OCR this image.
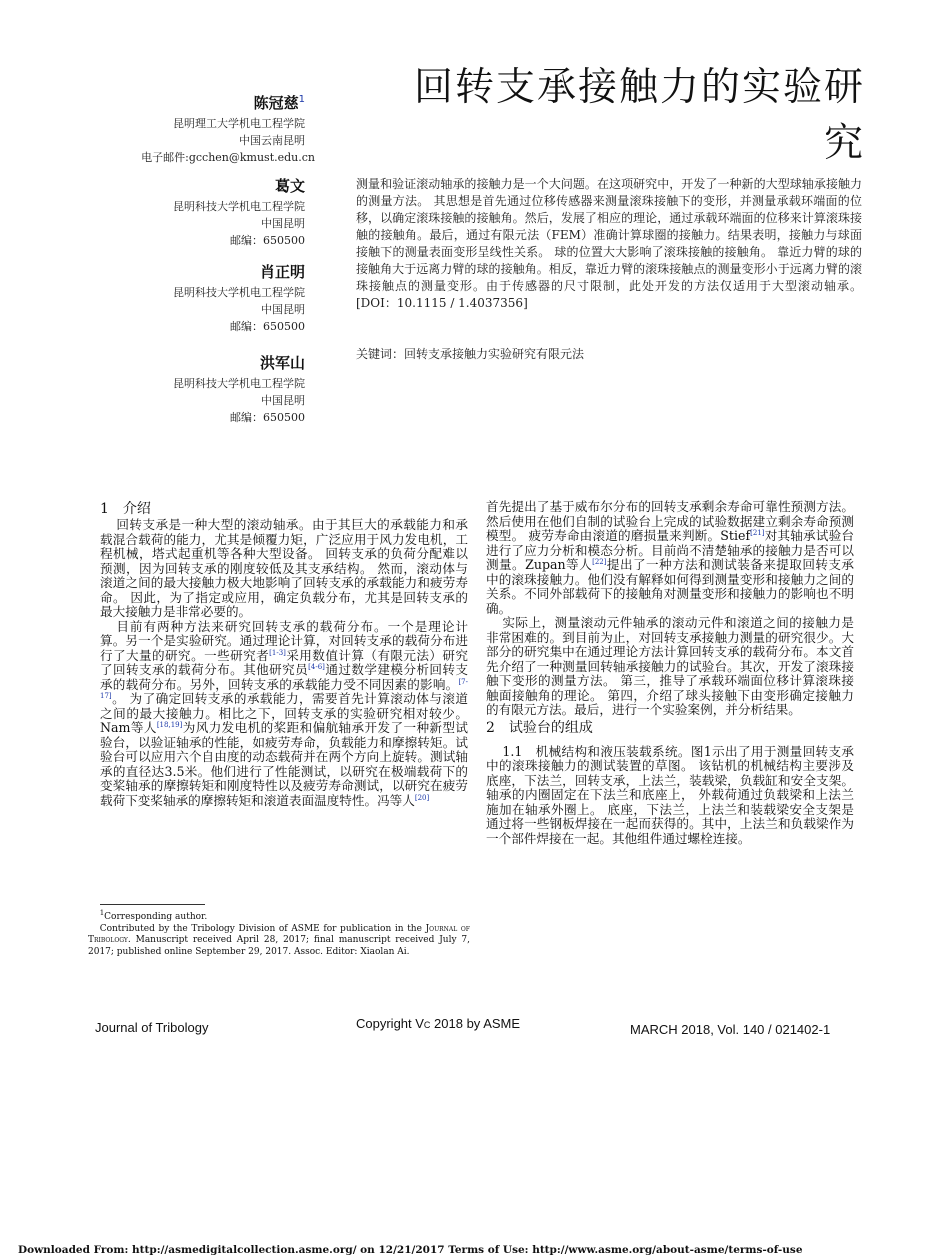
陈冠慈$^1$
昆明理工大学机电工程学院
中国云南昆明
电子邮件:gcchen@kmust.edu.cn
葛文
昆明科技大学机电工程学院
中国昆明
邮编：650500
肖正明
昆明科技大学机电工程学院
中国昆明
邮编：650500
洪军山
昆明科技大学机电工程学院
中国昆明
邮编：650500
回转支承接触力的实验研究
测量和验证滚动轴承的接触力是一个大问题。在这项研究中，开发了一种新的大型球轴承接触力的测量方法。 其思想是首先通过位移传感器来测量滚珠接触下的变形，并测量承载环端面的位移，以确定滚珠接触的接触角。然后，发展了相应的理论，通过承载环端面的位移来计算滚珠接触的接触角。最后，通过有限元法（FEM）准确计算球圈的接触力。结果表明，接触力与球面接触下的测量表面变形呈线性关系。 球的位置大大影响了滚珠接触的接触角。 靠近力臂的球的接触角大于远离力臂的球的接触角。相反，靠近力臂的滚珠接触点的测量变形小于远离力臂的滚珠接触点的测量变形。由于传感器的尺寸限制，此处开发的方法仅适用于大型滚动轴承。[DOI：10.1115 / 1.4037356]
关键词：回转支承接触力实验研究有限元法
1　介绍

回转支承是一种大型的滚动轴承。由于其巨大的承载能力和承载混合载荷的能力，尤其是倾覆力矩，广泛应用于风力发电机，工程机械，塔式起重机等各种大型设备。 回转支承的负荷分配难以预测，因为回转支承的刚度较低及其支承结构。 然而，滚动体与滚道之间的最大接触力极大地影响了回转支承的承载能力和疲劳寿命。 因此，为了指定或应用，确定负载分布，尤其是回转支承的最大接触力是非常必要的。

目前有两种方法来研究回转支承的载荷分布。一个是理论计算。另一个是实验研究。通过理论计算，对回转支承的载荷分布进行了大量的研究。一些研究者[1-3]采用数值计算（有限元法）研究了回转支承的载荷分布。其他研究员[4-6]通过数学建模分析回转支承的载荷分布。另外，回转支承的承载能力受不同因素的影响。[7-17]。 为了确定回转支承的承载能力，需要首先计算滚动体与滚道之间的最大接触力。相比之下，回转支承的实验研究相对较少。Nam等人[18,19]为风力发电机的桨距和偏航轴承开发了一种新型试验台，以验证轴承的性能，如疲劳寿命，负载能力和摩擦转矩。试验台可以应用六个自由度的动态载荷并在两个方向上旋转。测试轴承的直径达3.5米。他们进行了性能测试，以研究在极端载荷下的变桨轴承的摩擦转矩和刚度特性以及疲劳寿命测试，以研究在疲劳载荷下变桨轴承的摩擦转矩和滚道表面温度特性。冯等人[20]

首先提出了基于威布尔分布的回转支承剩余寿命可靠性预测方法。 然后使用在他们自制的试验台上完成的试验数据建立剩余寿命预测模型。 疲劳寿命由滚道的磨损量来判断。Stief[21]对其轴承试验台进行了应力分析和模态分析。目前尚不清楚轴承的接触力是否可以测量。Zupan等人[22]提出了一种方法和测试装备来提取回转支承中的滚珠接触力。他们没有解释如何得到测量变形和接触力之间的关系。不同外部载荷下的接触角对测量变形和接触力的影响也不明确。

实际上，测量滚动元件轴承的滚动元件和滚道之间的接触力是非常困难的。到目前为止，对回转支承接触力测量的研究很少。大部分的研究集中在通过理论方法计算回转支承的载荷分布。本文首先介绍了一种测量回转轴承接触力的试验台。其次，开发了滚珠接触下变形的测量方法。 第三，推导了承载环端面位移计算滚珠接触面接触角的理论。 第四，介绍了球头接触下由变形确定接触力的有限元方法。最后，进行一个实验案例，并分析结果。

2　试验台的组成

1.1　机械结构和液压装载系统。图1示出了用于测量回转支承中的滚珠接触力的测试装置的草图。 该钻机的机械结构主要涉及底座，下法兰，回转支承，上法兰，装载梁，负载缸和安全支架。 轴承的内圈固定在下法兰和底座上， 外载荷通过负载梁和上法兰施加在轴承外圈上。 底座，下法兰，上法兰和装载梁安全支架是通过将一些钢板焊接在一起而获得的。其中，上法兰和负载梁作为一个部件焊接在一起。其他组件通过螺栓连接。

$^1$Corresponding author.

Contributed by the Tribology Division of ASME for publication in the Journal of Tribology. Manuscript received April 28, 2017; final manuscript received July 7, 2017; published online September 29, 2017. Assoc. Editor: Xiaolan Ai.

Journal of Tribology	Copyright VC 2018 by ASME	MARCH 2018, Vol. 140 / 021402-1
Downloaded From: http://asmedigitalcollection.asme.org/ on 12/21/2017 Terms of Use: http://www.asme.org/about-asme/terms-of-use
